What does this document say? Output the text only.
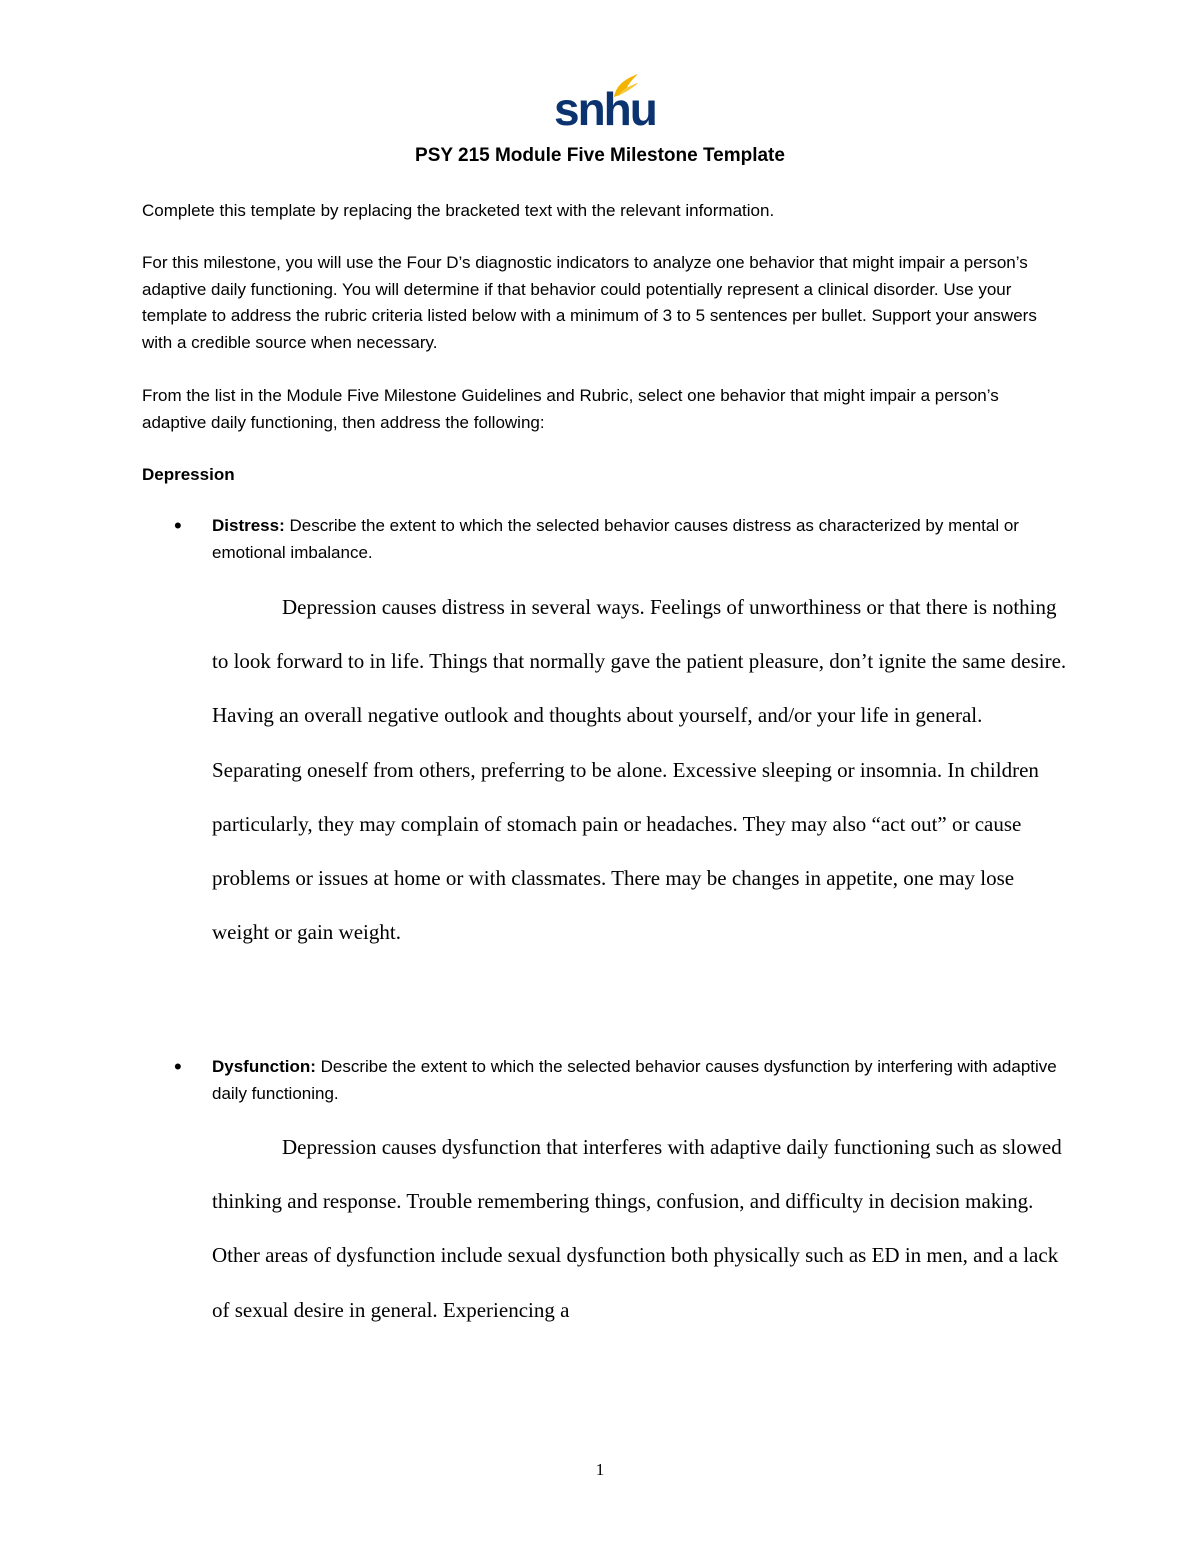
snhu
PSY 215 Module Five Milestone Template
Complete this template by replacing the bracketed text with the relevant information.
For this milestone, you will use the Four D’s diagnostic indicators to analyze one behavior that might impair a person’s adaptive daily functioning. You will determine if that behavior could potentially represent a clinical disorder. Use your template to address the rubric criteria listed below with a minimum of 3 to 5 sentences per bullet. Support your answers with a credible source when necessary.
From the list in the Module Five Milestone Guidelines and Rubric, select one behavior that might impair a person’s adaptive daily functioning, then address the following:
Depression
• Distress: Describe the extent to which the selected behavior causes distress as characterized by mental or emotional imbalance.
Depression causes distress in several ways. Feelings of unworthiness or that there is nothing to look forward to in life. Things that normally gave the patient pleasure, don’t ignite the same desire. Having an overall negative outlook and thoughts about yourself, and/or your life in general. Separating oneself from others, preferring to be alone. Excessive sleeping or insomnia. In children particularly, they may complain of stomach pain or headaches. They may also “act out” or cause problems or issues at home or with classmates. There may be changes in appetite, one may lose weight or gain weight.
• Dysfunction: Describe the extent to which the selected behavior causes dysfunction by interfering with adaptive daily functioning.
Depression causes dysfunction that interferes with adaptive daily functioning such as slowed thinking and response. Trouble remembering things, confusion, and difficulty in decision making. Other areas of dysfunction include sexual dysfunction both physically such as ED in men, and a lack of sexual desire in general. Experiencing a
1
